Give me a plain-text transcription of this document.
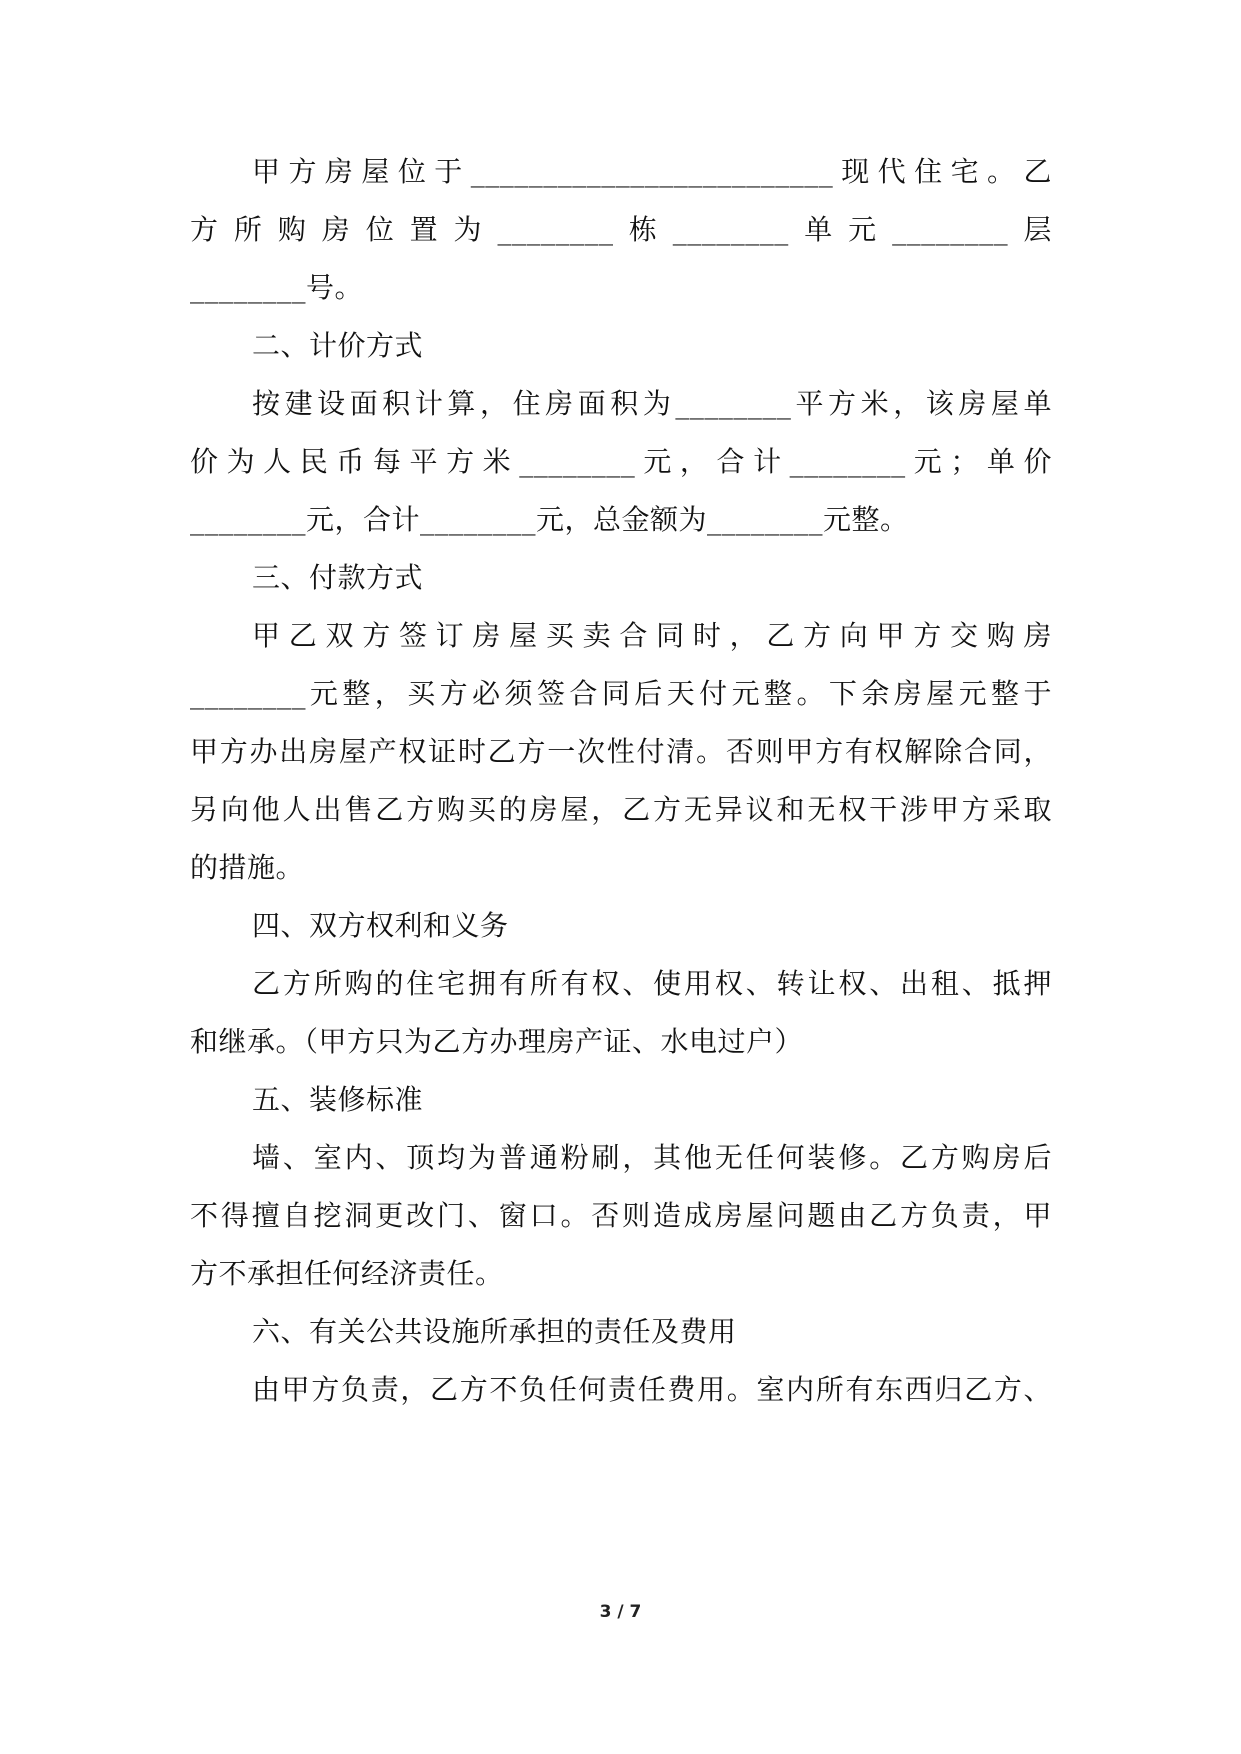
甲方房屋位于_________________________现代住宅。乙
方所购房位置为________栋________单元________层
________号。
二、计价方式
按建设面积计算，住房面积为________平方米，该房屋单
价为人民币每平方米________元，合计________元；单价
________元，合计________元，总金额为________元整。
三、付款方式
甲乙双方签订房屋买卖合同时，乙方向甲方交购房
________元整，买方必须签合同后天付元整。下余房屋元整于
甲方办出房屋产权证时乙方一次性付清。否则甲方有权解除合同，
另向他人出售乙方购买的房屋，乙方无异议和无权干涉甲方采取
的措施。
四、双方权利和义务
乙方所购的住宅拥有所有权、使用权、转让权、出租、抵押
和继承。（甲方只为乙方办理房产证、水电过户）
五、装修标准
墙、室内、顶均为普通粉刷，其他无任何装修。乙方购房后
不得擅自挖洞更改门、窗口。否则造成房屋问题由乙方负责，甲
方不承担任何经济责任。
六、有关公共设施所承担的责任及费用
由甲方负责，乙方不负任何责任费用。室内所有东西归乙方、
3 / 7
